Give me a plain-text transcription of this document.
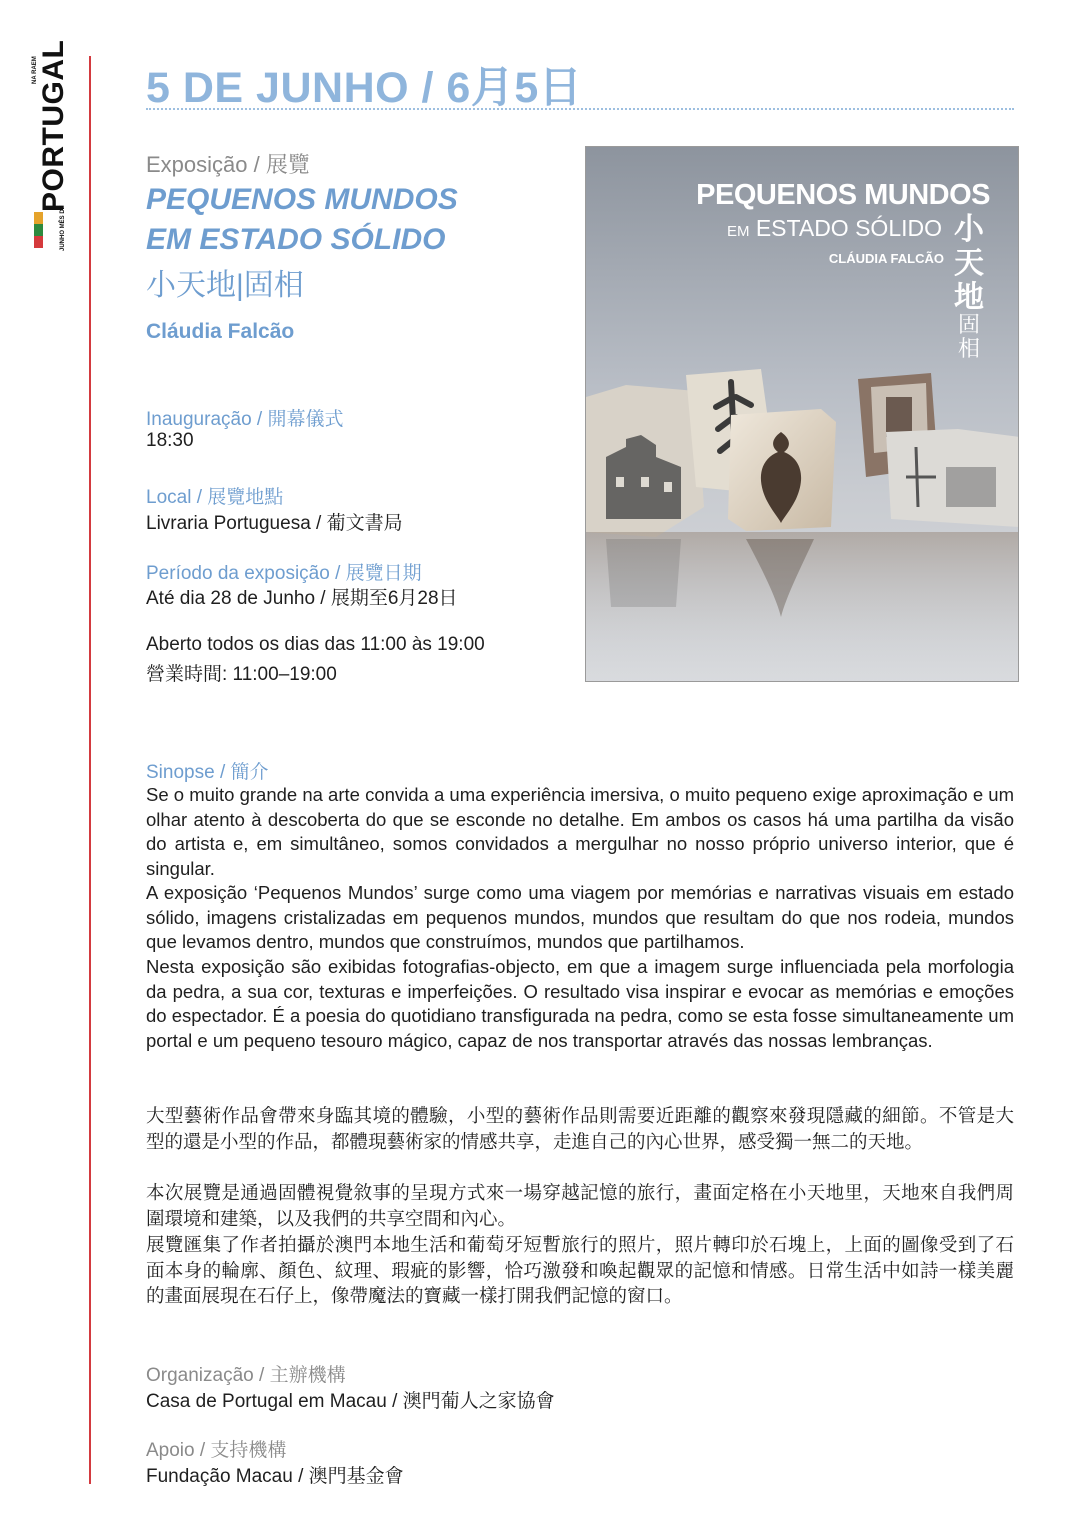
JUNHO MÊS DE
PORTUGAL
NA RAEM	5 DE JUNHO / 6月5日
Exposição / 展覽
PEQUENOS MUNDOS
EM ESTADO SÓLIDO
小天地|固相
Cláudia Falcão
Inauguração / 開幕儀式
18:30
Local / 展覽地點
Livraria Portuguesa / 葡文書局
Período da exposição / 展覽日期
Até dia 28 de Junho / 展期至6月28日
Aberto todos os dias das 11:00 às 19:00
營業時間: 11:00–19:00
PEQUENOS MUNDOS
EM ESTADO SÓLIDO
CLÁUDIA FALCÃO
小
天
地
固
相
Sinopse / 簡介

Se o muito grande na arte convida a uma experiência imersiva, o muito pequeno exige aproximação e um olhar atento à descoberta do que se esconde no detalhe. Em ambos os casos há uma partilha da visão do artista e, em simultâneo, somos convidados a mergulhar no nosso próprio universo interior, que é singular.

A exposição ‘Pequenos Mundos’ surge como uma viagem por memórias e narrativas visuais em estado sólido, imagens cristalizadas em pequenos mundos, mundos que resultam do que nos rodeia, mundos que levamos dentro, mundos que construímos, mundos que partilhamos.

Nesta exposição são exibidas fotografias-objecto, em que a imagem surge influenciada pela morfologia da pedra, a sua cor, texturas e imperfeições. O resultado visa inspirar e evocar as memórias e emoções do espectador. É a poesia do quotidiano transfigurada na pedra, como se esta fosse simultaneamente um portal e um pequeno tesouro mágico, capaz de nos transportar através das nossas lembranças.

大型藝術作品會帶來身臨其境的體驗，小型的藝術作品則需要近距離的觀察來發現隱藏的細節。不管是大型的還是小型的作品，都體現藝術家的情感共享，走進自己的內心世界，感受獨一無二的天地。

本次展覽是通過固體視覺敘事的呈現方式來一場穿越記憶的旅行，畫面定格在小天地里，天地來自我們周圍環境和建築，以及我們的共享空間和內心。

展覽匯集了作者拍攝於澳門本地生活和葡萄牙短暫旅行的照片，照片轉印於石塊上，上面的圖像受到了石面本身的輪廓、顏色、紋理、瑕疵的影響，恰巧激發和喚起觀眾的記憶和情感。日常生活中如詩一樣美麗的畫面展現在石仔上，像帶魔法的寶藏一樣打開我們記憶的窗口。

Organização / 主辦機構
Casa de Portugal em Macau / 澳門葡人之家協會
Apoio / 支持機構
Fundação Macau / 澳門基金會
